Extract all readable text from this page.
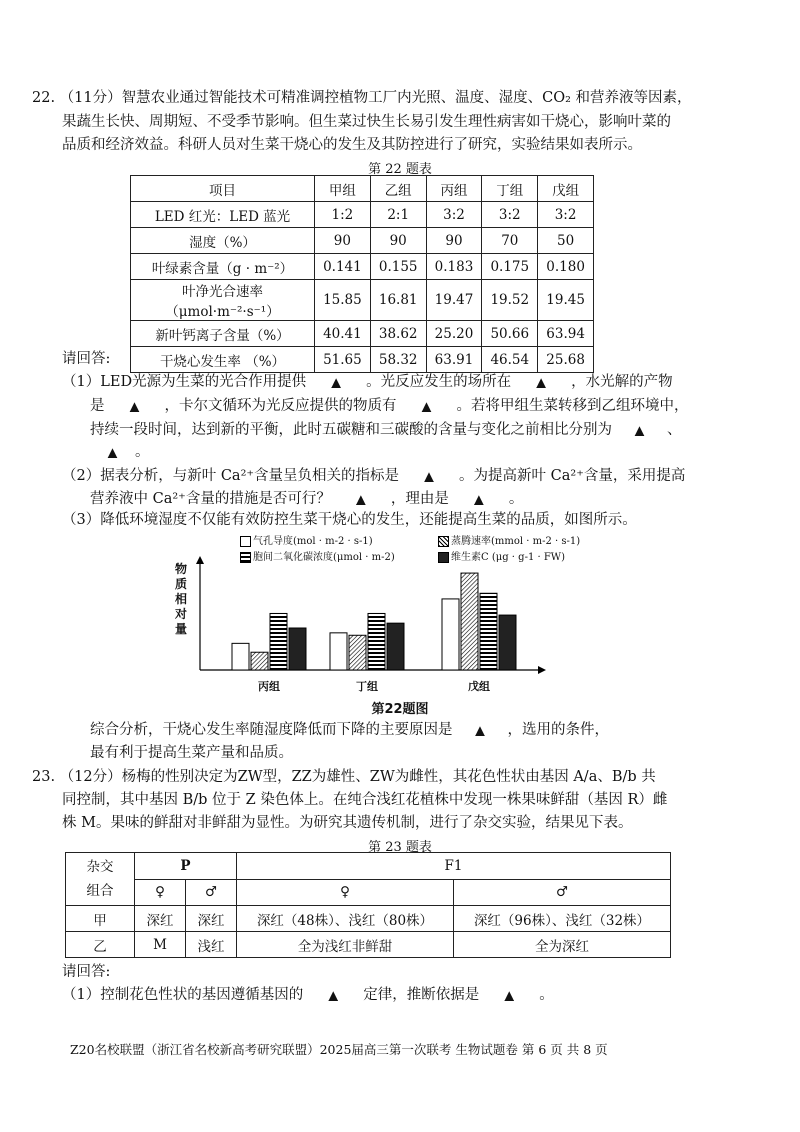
22. （11分）智慧农业通过智能技术可精准调控植物工厂内光照、温度、湿度、CO₂ 和营养液等因素，
果蔬生长快、周期短、不受季节影响。但生菜过快生长易引发生理性病害如干烧心，影响叶菜的
品质和经济效益。科研人员对生菜干烧心的发生及其防控进行了研究，实验结果如表所示。
第 22 题表
项目	甲组	乙组	丙组	丁组	戊组
LED 红光：LED 蓝光	1:2	2:1	3:2	3:2	3:2
湿度（%）	90	90	90	70	50
叶绿素含量（g · m⁻²）	0.141	0.155	0.183	0.175	0.180
叶净光合速率（μmol·m⁻²·s⁻¹）	15.85	16.81	19.47	19.52	19.45
新叶钙离子含量（%）	40.41	38.62	25.20	50.66	63.94
干烧心发生率 （%）	51.65	58.32	63.91	46.54	25.68
请回答:
（1）LED光源为生菜的光合作用提供 ▲	。光反应发生的场所在 ▲	，水光解的产物
是 ▲	，卡尔文循环为光反应提供的物质有 ▲	。若将甲组生菜转移到乙组环境中，
持续一段时间，达到新的平衡，此时五碳糖和三碳酸的含量与变化之前相比分别为 ▲	、
▲。
（2）据表分析，与新叶 Ca²⁺含量呈负相关的指标是 ▲	。为提高新叶 Ca²⁺含量，采用提高
营养液中 Ca²⁺含量的措施是否可行？ ▲	，理由是 ▲	。
（3）降低环境湿度不仅能有效防控生菜干烧心的发生，还能提高生菜的品质，如图所示。
气孔导度(mol · m-2 · s-1)	蒸腾速率(mmol · m-2 · s-1)
胞间二氧化碳浓度(μmol · m-2)	维生素C (μg · g-1 · FW)
物质相对量
丙组	丁组	戊组
第22题图
综合分析，干烧心发生率随湿度降低而下降的主要原因是 ▲	，选用的条件，
最有利于提高生菜产量和品质。
23. （12分）杨梅的性别决定为ZW型，ZZ为雄性、ZW为雌性，其花色性状由基因 A/a、B/b 共
同控制，其中基因 B/b 位于 Z 染色体上。在纯合浅红花植株中发现一株果味鲜甜（基因 R）雌
株 M。果味的鲜甜对非鲜甜为显性。为研究其遗传机制，进行了杂交实验，结果见下表。
第 23 题表
杂交
组合	P		F1	
	♀	♂	♀	♂
甲	深红	深红	深红（48株）、浅红（80株）	深红（96株）、浅红（32株）
乙	M	浅红	全为浅红非鲜甜	全为深红
请回答:
（1）控制花色性状的基因遵循基因的 ▲	定律，推断依据是 ▲	。
Z20名校联盟（浙江省名校新高考研究联盟）2025届高三第一次联考 生物试题卷 第 6 页 共 8 页
